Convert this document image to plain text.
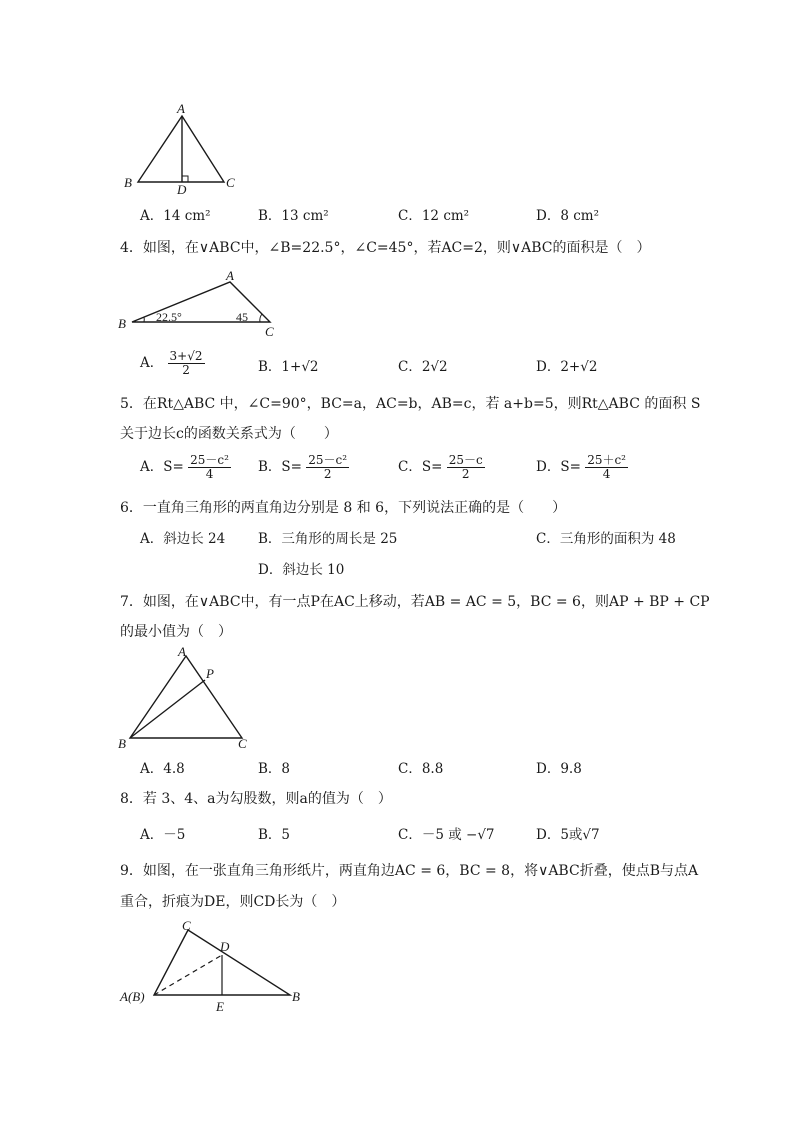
A
B	C
D
A．14 cm²	B．13 cm²	C．12 cm²	D．8 cm²
4．如图，在∨ABC中，∠B=22.5°，∠C=45°，若AC=2，则∨ABC的面积是（　）
A
B
C
22.5°	45
A． $\frac{3+√2}{2}$	B．1+√2	C．2√2	D．2+√2
5．在Rt△ABC 中，∠C=90°，BC=a，AC=b，AB=c，若 a+b=5，则Rt△ABC 的面积 S
关于边长c的函数关系式为（　　）
A．$S= \frac{\text{25－c²}}{4}$ B．$S= \frac{\text{25－c²}}{2}$	C．$S= \frac{25-c}{2}$	D．$S= \frac{\text{25＋c²}}{4}$
6．一直角三角形的两直角边分别是 8 和 6，下列说法正确的是（　　）
A．斜边长 24 B．三角形的周长是 25	C．三角形的面积为 48
D．斜边长 10
7．如图，在∨ABC中，有一点P在AC上移动，若AB = AC = 5，BC = 6，则AP + BP + CP
的最小值为（　）
A
P
B	C
A．4.8	B．8	C．8.8	D．9.8
8．若 3、4、a为勾股数，则a的值为（　）
A．－5	B．5	C．－5 或 −√7	D．5或√7
9．如图，在一张直角三角形纸片，两直角边AC = 6，BC = 8，将∨ABC折叠，使点B与点A
重合，折痕为DE，则CD长为（　）
C
D
A(B)
E
B
